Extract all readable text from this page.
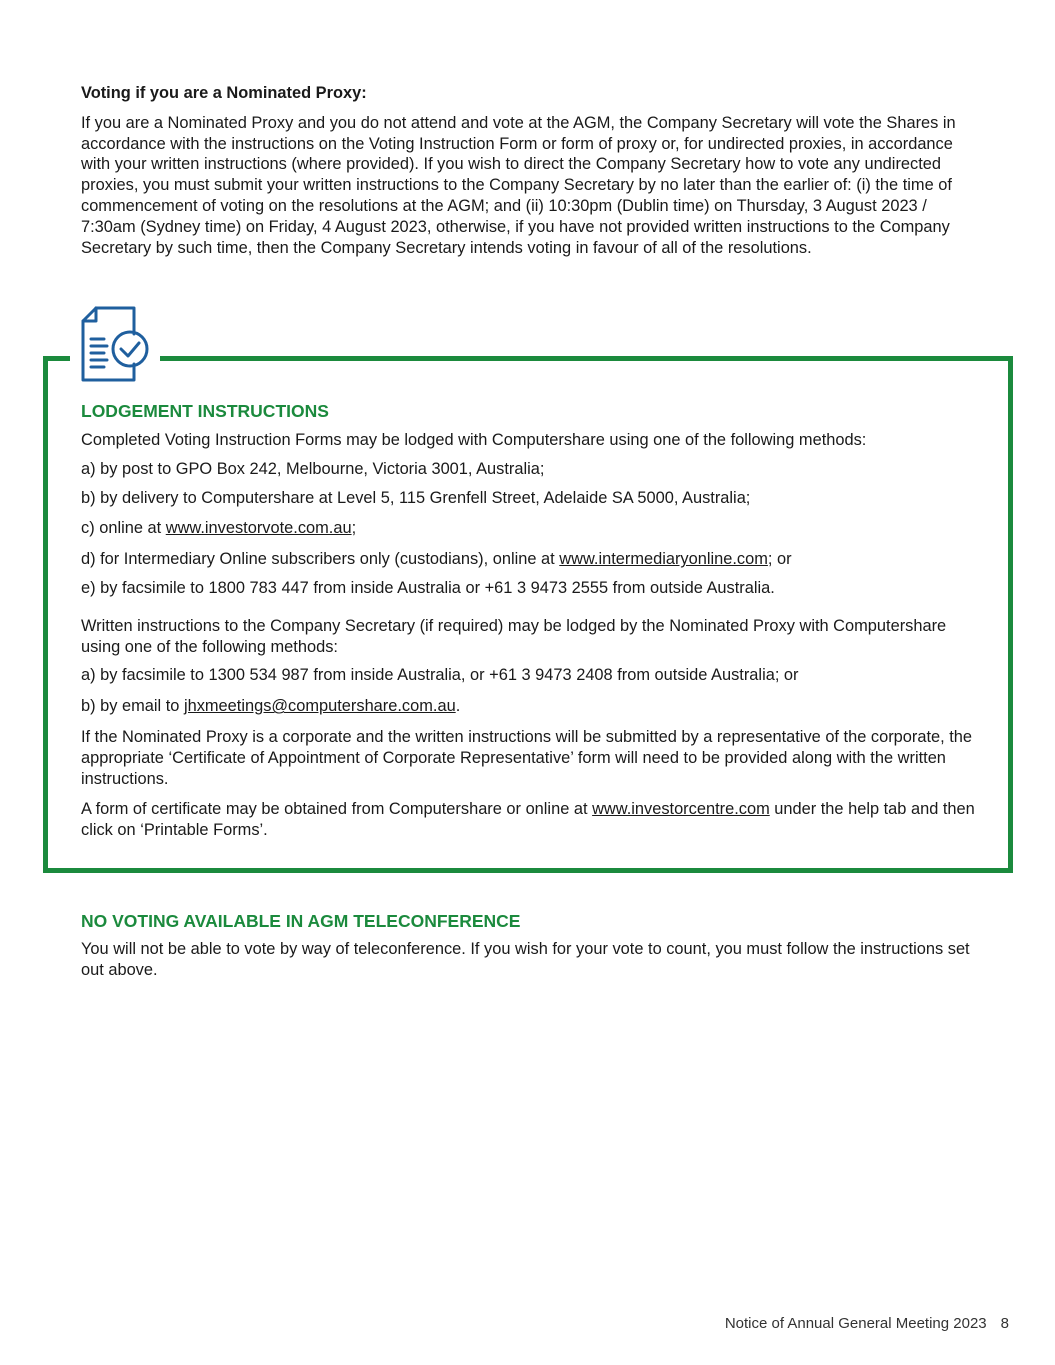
Voting if you are a Nominated Proxy:

If you are a Nominated Proxy and you do not attend and vote at the AGM, the Company Secretary will vote the Shares in accordance with the instructions on the Voting Instruction Form or form of proxy or, for undirected proxies, in accordance with your written instructions (where provided). If you wish to direct the Company Secretary how to vote any undirected proxies, you must submit your written instructions to the Company Secretary by no later than the earlier of: (i) the time of commencement of voting on the resolutions at the AGM; and (ii) 10:30pm (Dublin time) on Thursday, 3 August 2023 / 7:30am (Sydney time) on Friday, 4 August 2023, otherwise, if you have not provided written instructions to the Company Secretary by such time, then the Company Secretary intends voting in favour of all of the resolutions.

LODGEMENT INSTRUCTIONS

Completed Voting Instruction Forms may be lodged with Computershare using one of the following methods:

a) by post to GPO Box 242, Melbourne, Victoria 3001, Australia;

b) by delivery to Computershare at Level 5, 115 Grenfell Street, Adelaide SA 5000, Australia;

c) online at www.investorvote.com.au;

d) for Intermediary Online subscribers only (custodians), online at www.intermediaryonline.com; or

e) by facsimile to 1800 783 447 from inside Australia or +61 3 9473 2555 from outside Australia.

Written instructions to the Company Secretary (if required) may be lodged by the Nominated Proxy with Computershare using one of the following methods:

a) by facsimile to 1300 534 987 from inside Australia, or +61 3 9473 2408 from outside Australia; or

b) by email to jhxmeetings@computershare.com.au.

If the Nominated Proxy is a corporate and the written instructions will be submitted by a representative of the corporate, the appropriate ‘Certificate of Appointment of Corporate Representative’ form will need to be provided along with the written instructions.

A form of certificate may be obtained from Computershare or online at www.investorcentre.com under the help tab and then click on ‘Printable Forms’.

NO VOTING AVAILABLE IN AGM TELECONFERENCE

You will not be able to vote by way of teleconference. If you wish for your vote to count, you must follow the instructions set out above.

Notice of Annual General Meeting 2023 8
